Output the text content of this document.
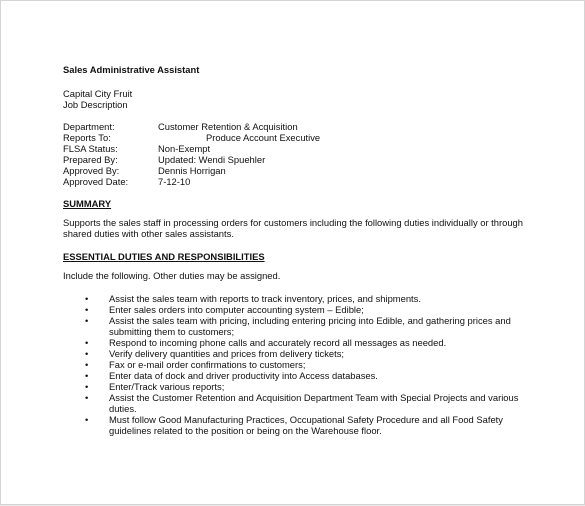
Sales Administrative Assistant
Capital City Fruit
Job Description
Department:	Customer Retention & Acquisition
Reports To:	Produce Account Executive
FLSA Status:	Non-Exempt
Prepared By:	Updated: Wendi Spuehler
Approved By:	Dennis Horrigan
Approved Date:	7-12-10
SUMMARY
Supports the sales staff in processing orders for customers including the following duties individually or through shared duties with other sales assistants.
ESSENTIAL DUTIES AND RESPONSIBILITIES
Include the following. Other duties may be assigned.
• Assist the sales team with reports to track inventory, prices, and shipments.
• Enter sales orders into computer accounting system – Edible;
• Assist the sales team with pricing, including entering pricing into Edible, and gathering prices and submitting them to customers;
• Respond to incoming phone calls and accurately record all messages as needed.
• Verify delivery quantities and prices from delivery tickets;
• Fax or e-mail order confirmations to customers;
• Enter data of dock and driver productivity into Access databases.
• Enter/Track various reports;
• Assist the Customer Retention and Acquisition Department Team with Special Projects and various duties.
• Must follow Good Manufacturing Practices, Occupational Safety Procedure and all Food Safety guidelines related to the position or being on the Warehouse floor.
